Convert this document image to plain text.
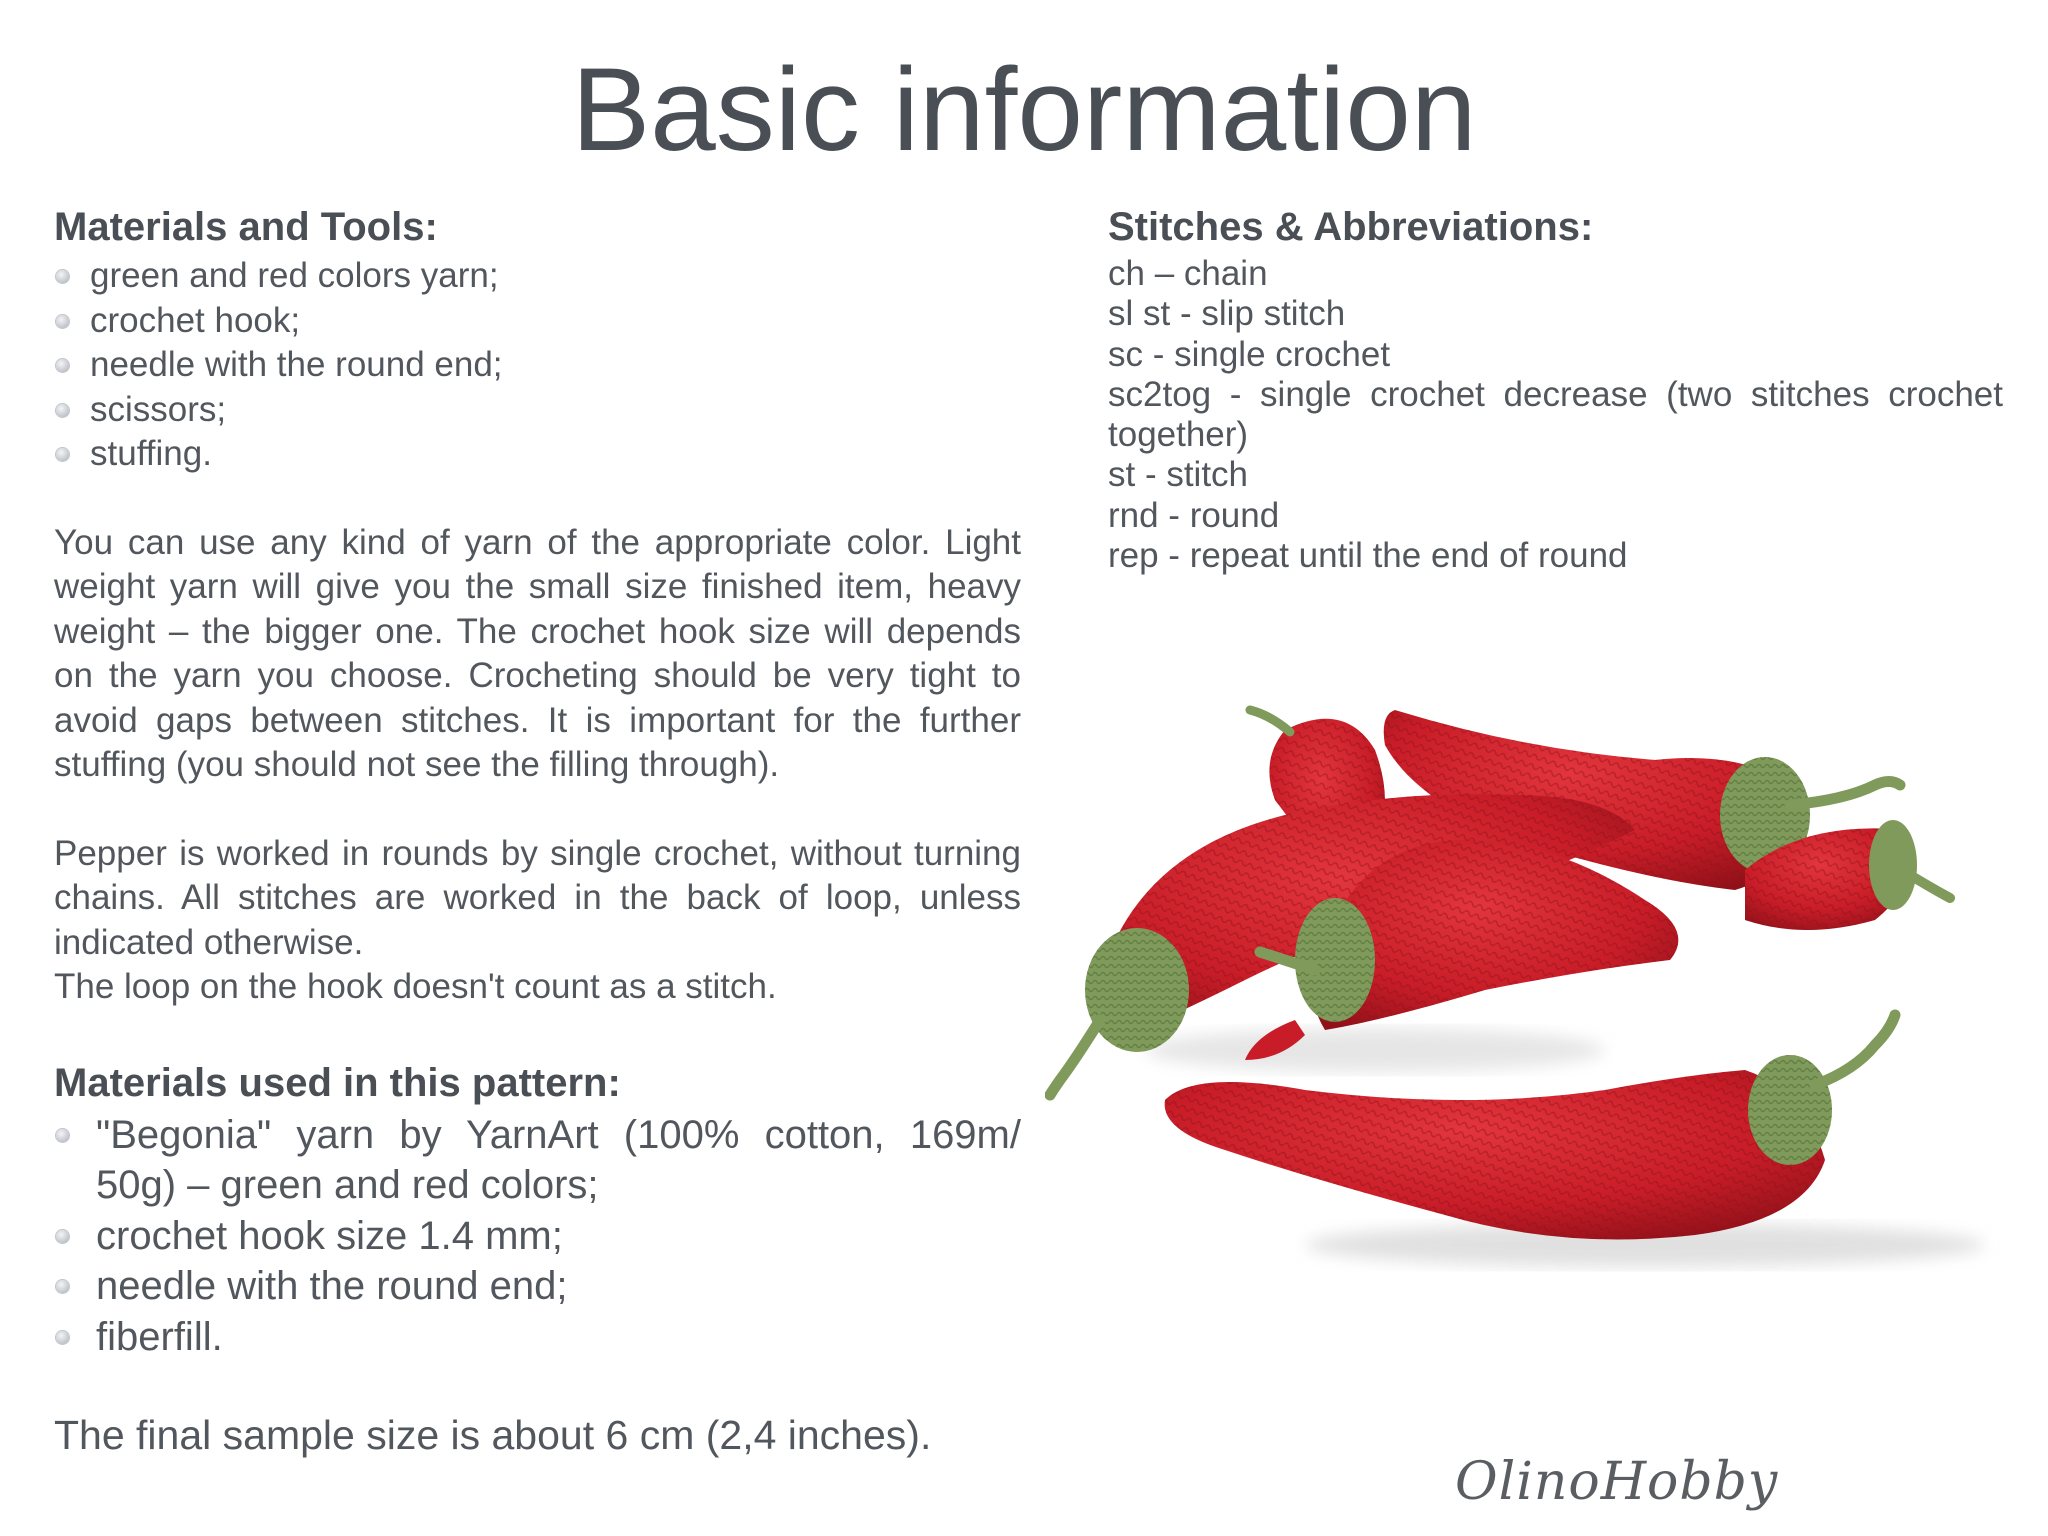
Basic information
Materials and Tools:
green and red colors yarn;
crochet hook;
needle with the round end;
scissors;
stuffing.

You can use any kind of yarn of the appropriate color. Light weight yarn will give you the small size finished item, heavy weight – the bigger one. The crochet hook size will depends on the yarn you choose. Crocheting should be very tight to avoid gaps between stitches. It is important for the further stuffing (you should not see the filling through).

Pepper is worked in rounds by single crochet, without turning chains. All stitches are worked in the back of loop, unless indicated otherwise.

The loop on the hook doesn't count as a stitch.

Materials used in this pattern:
"Begonia" yarn by YarnArt (100% cotton, 169m/ 50g) – green and red colors;
crochet hook size 1.4 mm;
needle with the round end;
fiberfill.

The final sample size is about 6 cm (2,4 inches).

Stitches & Abbreviations:
ch – chain
sl st - slip stitch
sc - single crochet
sc2tog - single crochet decrease (two stitches crochet
together)
st - stitch
rnd - round
rep - repeat until the end of round
OlinoHobby
